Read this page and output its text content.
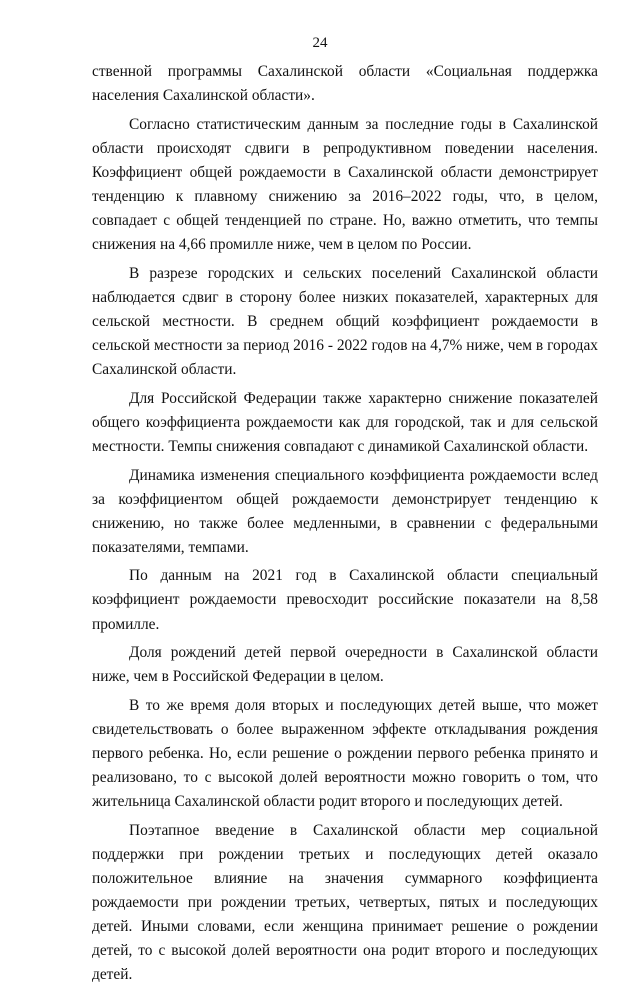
24

ственной программы Сахалинской области «Социальная поддержка населения Сахалинской области».

Согласно статистическим данным за последние годы в Сахалинской области происходят сдвиги в репродуктивном поведении населения. Коэффициент общей рождаемости в Сахалинской области демонстрирует тенденцию к плавному снижению за 2016–2022 годы, что, в целом, совпадает с общей тенденцией по стране. Но, важно отметить, что темпы снижения на 4,66 промилле ниже, чем в целом по России.

В разрезе городских и сельских поселений Сахалинской области наблюдается сдвиг в сторону более низких показателей, характерных для сельской местности. В среднем общий коэффициент рождаемости в сельской местности за период 2016 - 2022 годов на 4,7% ниже, чем в городах Сахалинской области.

Для Российской Федерации также характерно снижение показателей общего коэффициента рождаемости как для городской, так и для сельской местности. Темпы снижения совпадают с динамикой Сахалинской области.

Динамика изменения специального коэффициента рождаемости вслед за коэффициентом общей рождаемости демонстрирует тенденцию к снижению, но также более медленными, в сравнении с федеральными показателями, темпами.

По данным на 2021 год в Сахалинской области специальный коэффициент рождаемости превосходит российские показатели на 8,58 промилле.

Доля рождений детей первой очередности в Сахалинской области ниже, чем в Российской Федерации в целом.

В то же время доля вторых и последующих детей выше, что может свидетельствовать о более выраженном эффекте откладывания рождения первого ребенка. Но, если решение о рождении первого ребенка принято и реализовано, то с высокой долей вероятности можно говорить о том, что жительница Сахалинской области родит второго и последующих детей.

Поэтапное введение в Сахалинской области мер социальной поддержки при рождении третьих и последующих детей оказало положительное влияние на значения суммарного коэффициента рождаемости при рождении третьих, четвертых, пятых и последующих детей. Иными словами, если женщина принимает решение о рождении детей, то с высокой долей вероятности она родит второго и последующих детей.
